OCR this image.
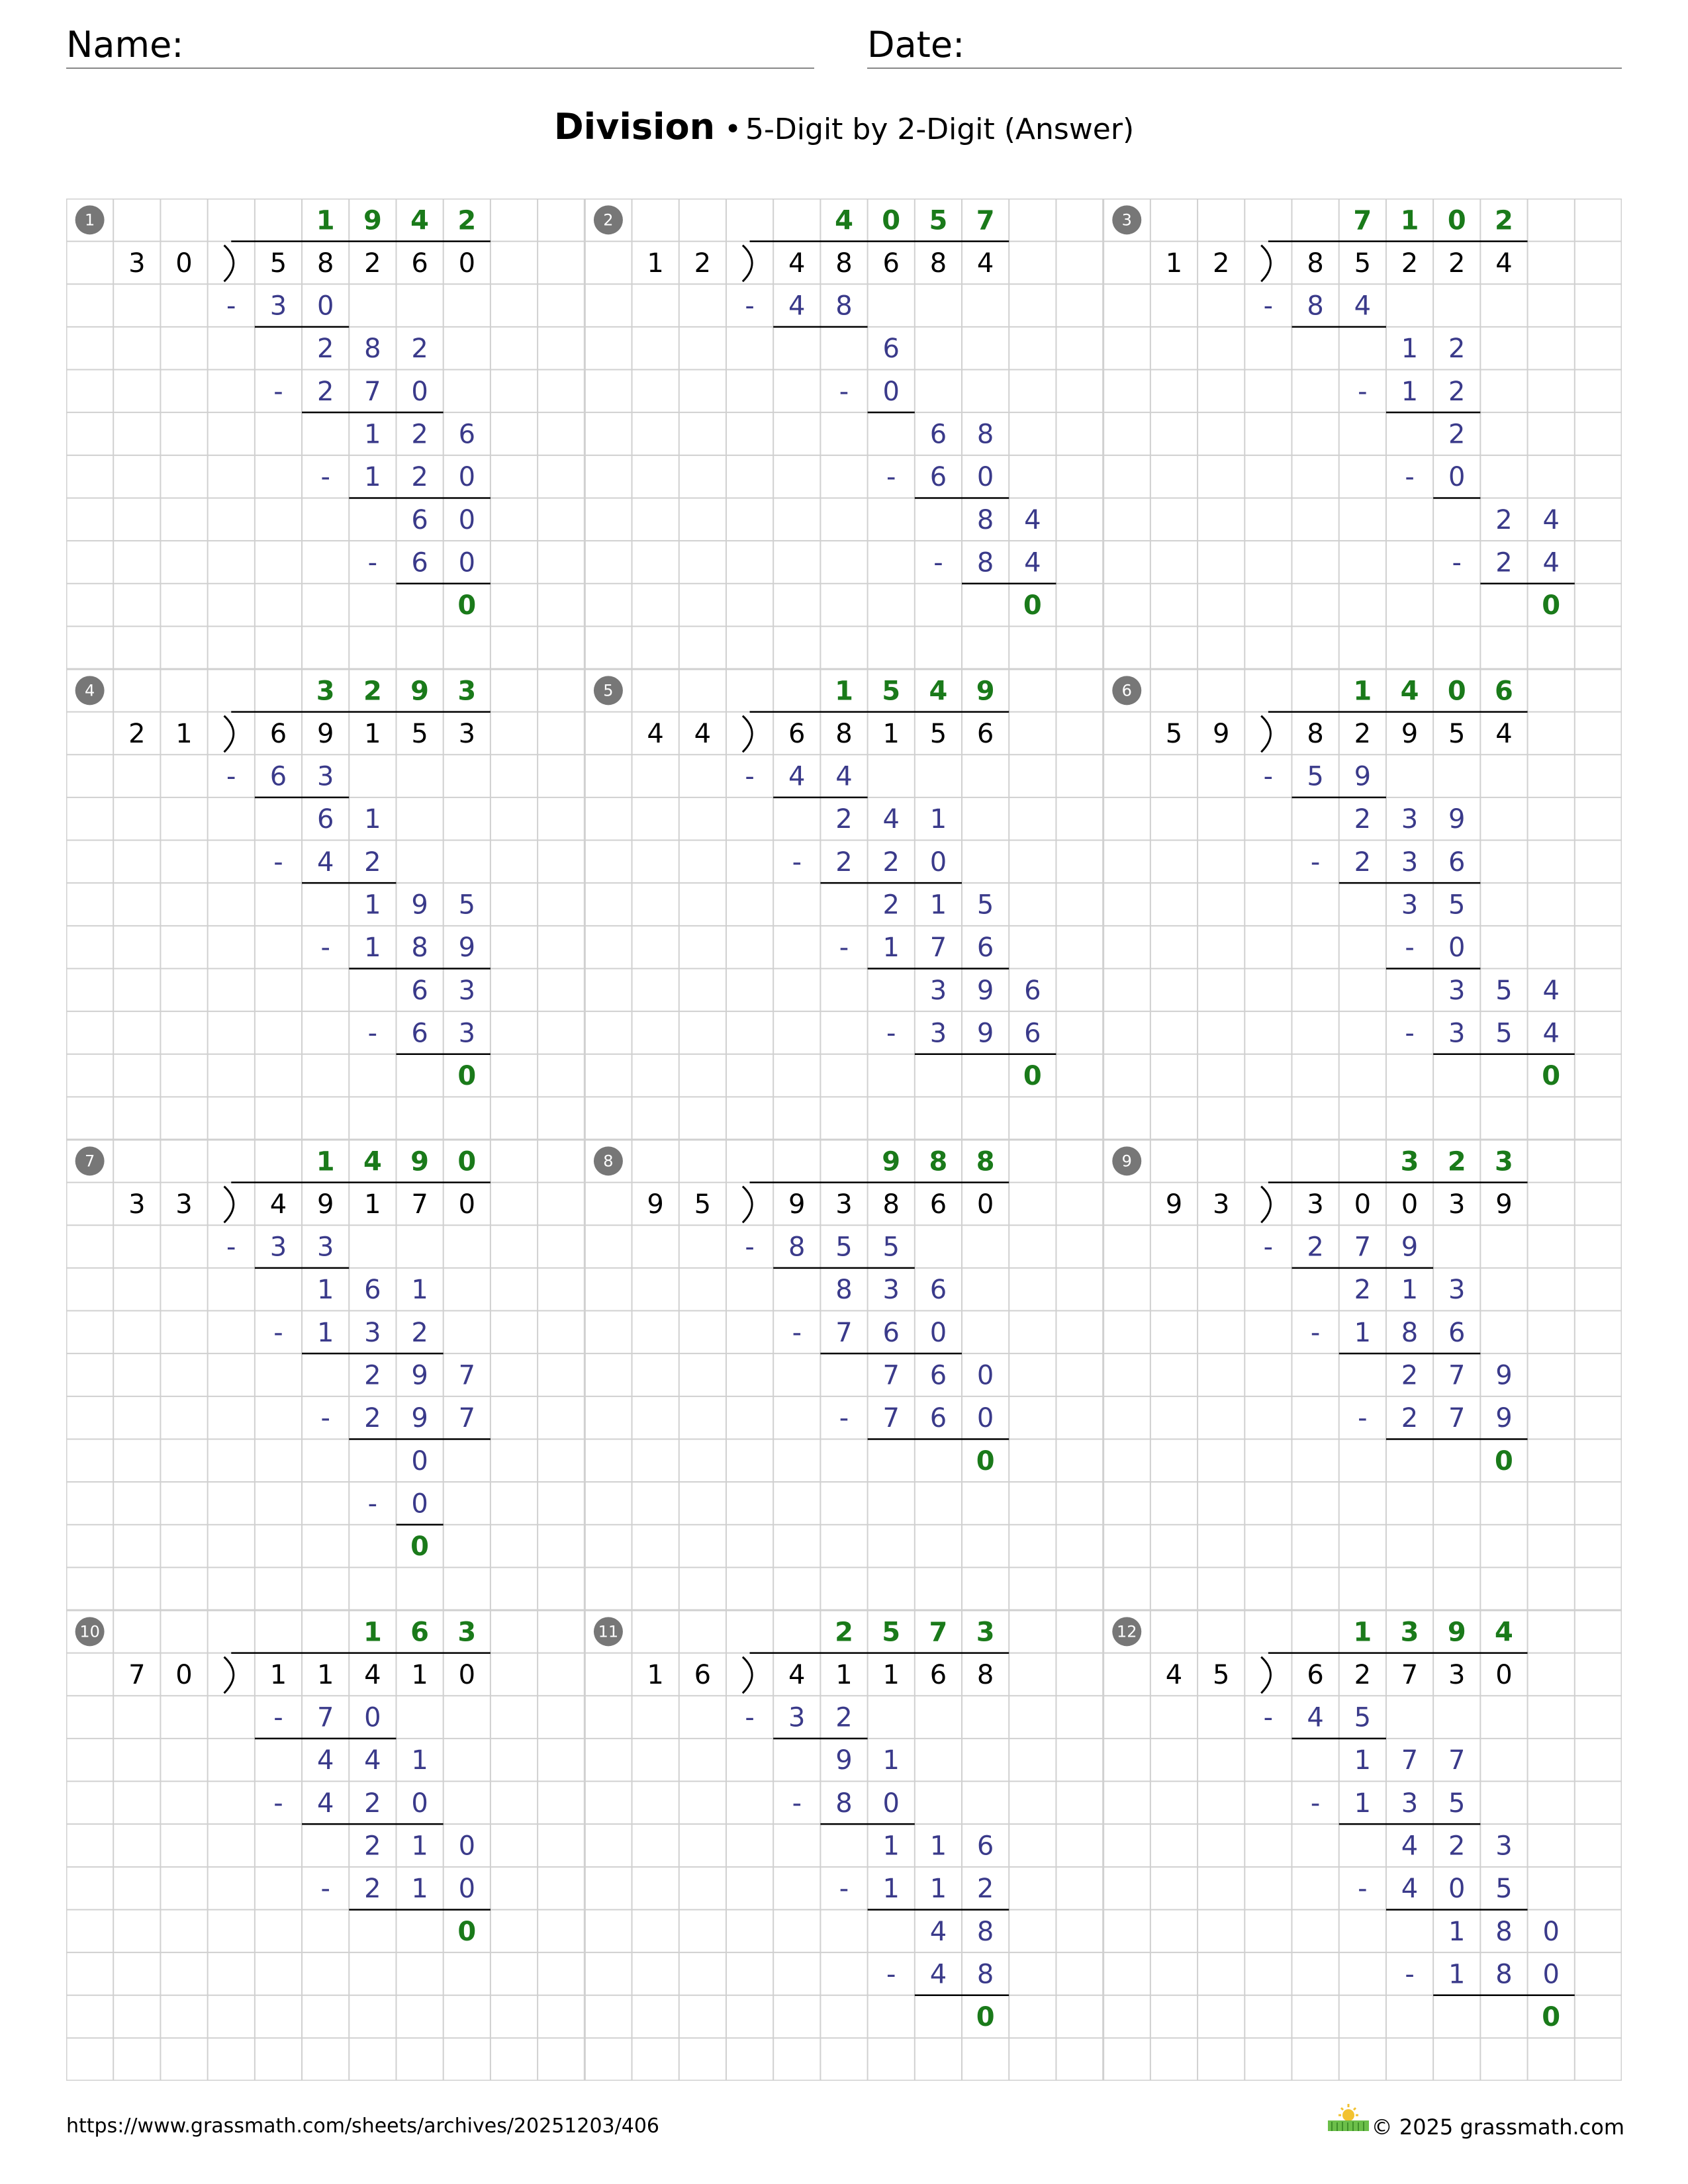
Name:	Date:
Division • 5-Digit by 2-Digit (Answer)
1	1 9 4 2
3 0	5 8 2 6 0
- 3 0
2 8 2
- 2 7 0
1 2 6
- 1 2 0
6 0
- 6 0
0
2	4 0 5 7
1 2	4 8 6 8 4
- 4 8
6
- 0
6 8
- 6 0
8 4
- 8 4
0
3	7 1 0 2
1 2	8 5 2 2 4
- 8 4
1 2
- 1 2
2
- 0
2 4
- 2 4
0
4	3 2 9 3
2 1	6 9 1 5 3
- 6 3
6 1
- 4 2
1 9 5
- 1 8 9
6 3
- 6 3
0
5	1 5 4 9
4 4	6 8 1 5 6
- 4 4
2 4 1
- 2 2 0
2 1 5
- 1 7 6
3 9 6
- 3 9 6
0
6	1 4 0 6
5 9	8 2 9 5 4
- 5 9
2 3 9
- 2 3 6
3 5
- 0
3 5 4
- 3 5 4
0
7	1 4 9 0
3 3	4 9 1 7 0
- 3 3
1 6 1
- 1 3 2
2 9 7
- 2 9 7
0
- 0
0
8	9 8 8
9 5	9 3 8 6 0
- 8 5 5
8 3 6
- 7 6 0
7 6 0
- 7 6 0
0
9	3 2 3
9 3	3 0 0 3 9
- 2 7 9
2 1 3
- 1 8 6
2 7 9
- 2 7 9
0
10	1 6 3
7 0	1 1 4 1 0
- 7 0
4 4 1
- 4 2 0
2 1 0
- 2 1 0
0
11	2 5 7 3
1 6	4 1 1 6 8
- 3 2
9 1
- 8 0
1 1 6
- 1 1 2
4 8
- 4 8
0
12	1 3 9 4
4 5	6 2 7 3 0
- 4 5
1 7 7
- 1 3 5
4 2 3
- 4 0 5
1 8 0
- 1 8 0
0
https://www.grassmath.com/sheets/archives/20251203/406	© 2025 grassmath.com
